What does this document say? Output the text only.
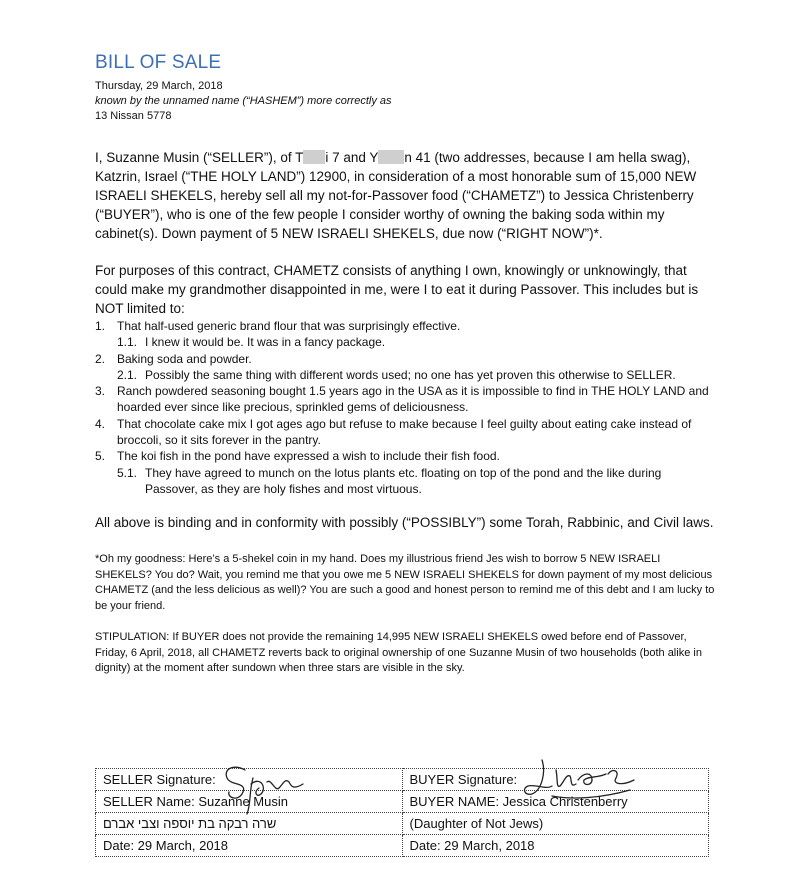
BILL OF SALE
Thursday, 29 March, 2018
known by the unnamed name (“HASHEM”) more correctly as
13 Nissan 5778

I, Suzanne Musin (“SELLER”), of T i 7 and Y n 41 (two addresses, because I am hella swag), Katzrin, Israel (“THE HOLY LAND”) 12900, in consideration of a most honorable sum of 15,000 NEW ISRAELI SHEKELS, hereby sell all my not-for-Passover food (“CHAMETZ”) to Jessica Christenberry (“BUYER”), who is one of the few people I consider worthy of owning the baking soda within my cabinet(s). Down payment of 5 NEW ISRAELI SHEKELS, due now (“RIGHT NOW”)*.

For purposes of this contract, CHAMETZ consists of anything I own, knowingly or unknowingly, that could make my grandmother disappointed in me, were I to eat it during Passover. This includes but is NOT limited to:

1. That half-used generic brand flour that was surprisingly effective.
1.1. I knew it would be. It was in a fancy package.
2. Baking soda and powder.
2.1. Possibly the same thing with different words used; no one has yet proven this otherwise to SELLER.
3. Ranch powdered seasoning bought 1.5 years ago in the USA as it is impossible to find in THE HOLY LAND and hoarded ever since like precious, sprinkled gems of deliciousness.
4. That chocolate cake mix I got ages ago but refuse to make because I feel guilty about eating cake instead of broccoli, so it sits forever in the pantry.
5. The koi fish in the pond have expressed a wish to include their fish food.
5.1. They have agreed to munch on the lotus plants etc. floating on top of the pond and the like during Passover, as they are holy fishes and most virtuous.

All above is binding and in conformity with possibly (“POSSIBLY”) some Torah, Rabbinic, and Civil laws.

*Oh my goodness: Here’s a 5-shekel coin in my hand. Does my illustrious friend Jes wish to borrow 5 NEW ISRAELI SHEKELS? You do? Wait, you remind me that you owe me 5 NEW ISRAELI SHEKELS for down payment of my most delicious CHAMETZ (and the less delicious as well)? You are such a good and honest person to remind me of this debt and I am lucky to be your friend.

STIPULATION: If BUYER does not provide the remaining 14,995 NEW ISRAELI SHEKELS owed before end of Passover, Friday, 6 April, 2018, all CHAMETZ reverts back to original ownership of one Suzanne Musin of two households (both alike in dignity) at the moment after sundown when three stars are visible in the sky.

SELLER Signature:	BUYER Signature:
SELLER Name: Suzanne Musin	BUYER NAME: Jessica Christenberry
שרה רבקה בת יוספה וצבי אברם	(Daughter of Not Jews)
Date: 29 March, 2018	Date: 29 March, 2018
